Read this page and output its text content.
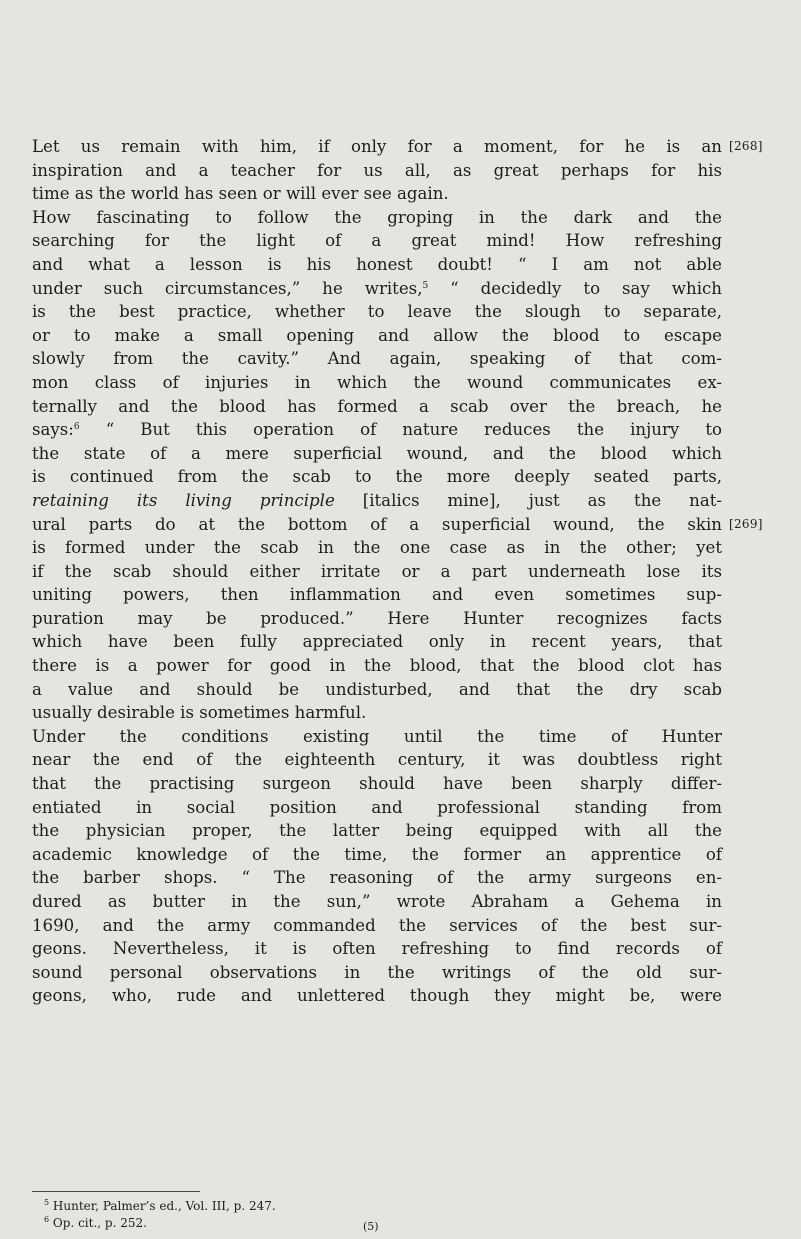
[268]
[269]
Let us remain with him, if only for a moment, for he is an
inspiration and a teacher for us all, as great perhaps for his
time as the world has seen or will ever see again.
How fascinating to follow the groping in the dark and the
searching for the light of a great mind! How refreshing
and what a lesson is his honest doubt! “ I am not able
under such circumstances,” he writes,$^5$ “ decidedly to say which
is the best practice, whether to leave the slough to separate,
or to make a small opening and allow the blood to escape
slowly from the cavity.” And again, speaking of that com-
mon class of injuries in which the wound communicates ex-
ternally and the blood has formed a scab over the breach, he
says:$^6$ “ But this operation of nature reduces the injury to
the state of a mere superficial wound, and the blood which
is continued from the scab to the more deeply seated parts,
retaining its living principle [italics mine], just as the nat-
ural parts do at the bottom of a superficial wound, the skin
is formed under the scab in the one case as in the other; yet
if the scab should either irritate or a part underneath lose its
uniting powers, then inflammation and even sometimes sup-
puration may be produced.” Here Hunter recognizes facts
which have been fully appreciated only in recent years, that
there is a power for good in the blood, that the blood clot has
a value and should be undisturbed, and that the dry scab
usually desirable is sometimes harmful.
Under the conditions existing until the time of Hunter
near the end of the eighteenth century, it was doubtless right
that the practising surgeon should have been sharply differ-
entiated in social position and professional standing from
the physician proper, the latter being equipped with all the
academic knowledge of the time, the former an apprentice of
the barber shops. “ The reasoning of the army surgeons en-
dured as butter in the sun,” wrote Abraham a Gehema in
1690, and the army commanded the services of the best sur-
geons. Nevertheless, it is often refreshing to find records of
sound personal observations in the writings of the old sur-
geons, who, rude and unlettered though they might be, were
$^5$ Hunter, Palmer’s ed., Vol. III, p. 247.
$^6$ Op. cit., p. 252.	(5)
